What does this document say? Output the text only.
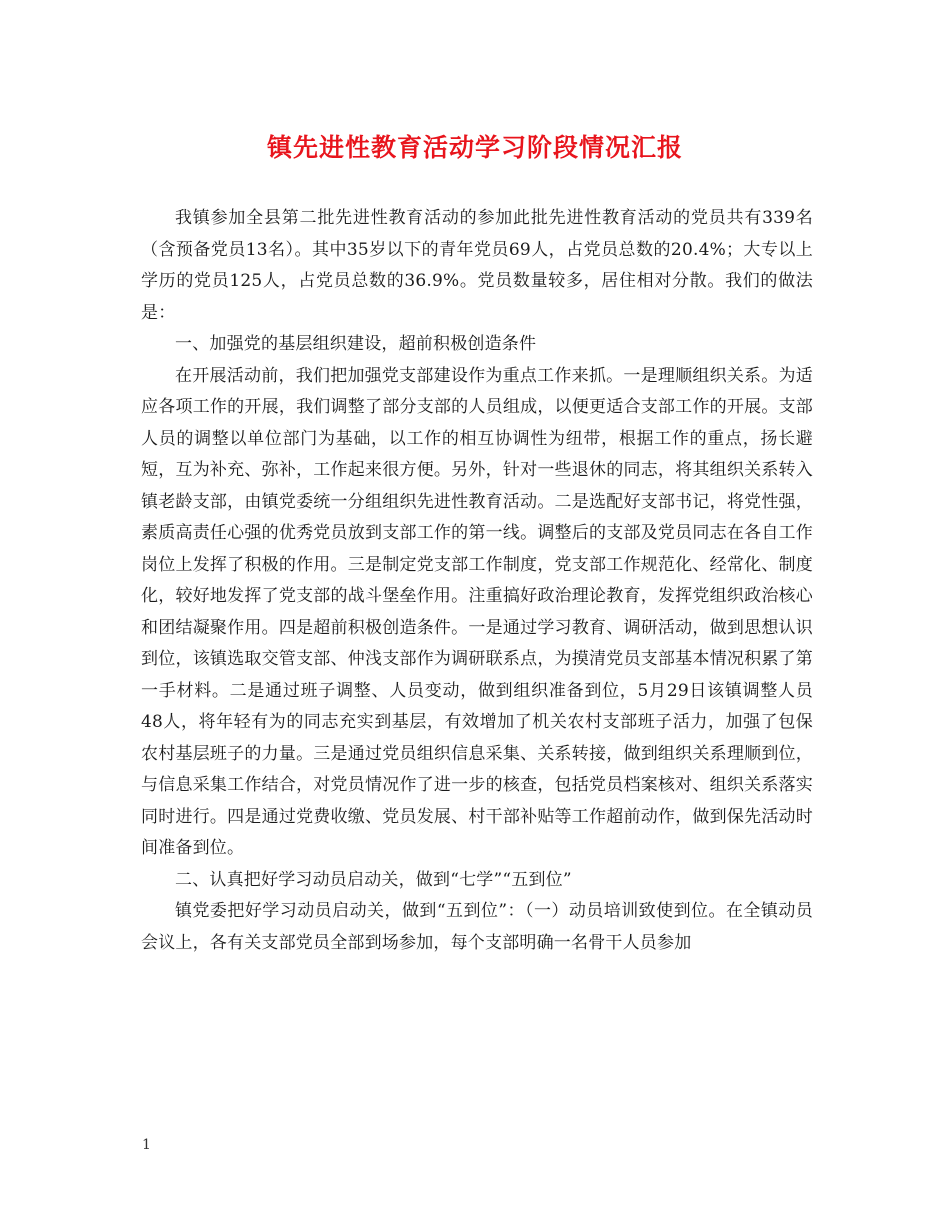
镇先进性教育活动学习阶段情况汇报

我镇参加全县第二批先进性教育活动的参加此批先进性教育活动的党员共有339名（含预备党员13名）。其中35岁以下的青年党员69人，占党员总数的20.4%；大专以上学历的党员125人，占党员总数的36.9%。党员数量较多，居住相对分散。我们的做法是：

一、加强党的基层组织建设，超前积极创造条件

在开展活动前，我们把加强党支部建设作为重点工作来抓。一是理顺组织关系。为适应各项工作的开展，我们调整了部分支部的人员组成，以便更适合支部工作的开展。支部人员的调整以单位部门为基础，以工作的相互协调性为纽带，根据工作的重点，扬长避短，互为补充、弥补，工作起来很方便。另外，针对一些退休的同志，将其组织关系转入镇老龄支部，由镇党委统一分组组织先进性教育活动。二是选配好支部书记，将党性强，素质高责任心强的优秀党员放到支部工作的第一线。调整后的支部及党员同志在各自工作岗位上发挥了积极的作用。三是制定党支部工作制度，党支部工作规范化、经常化、制度化，较好地发挥了党支部的战斗堡垒作用。注重搞好政治理论教育，发挥党组织政治核心和团结凝聚作用。四是超前积极创造条件。一是通过学习教育、调研活动，做到思想认识到位，该镇选取交管支部、仲浅支部作为调研联系点，为摸清党员支部基本情况积累了第一手材料。二是通过班子调整、人员变动，做到组织准备到位，5月29日该镇调整人员48人，将年轻有为的同志充实到基层，有效增加了机关农村支部班子活力，加强了包保农村基层班子的力量。三是通过党员组织信息采集、关系转接，做到组织关系理顺到位，与信息采集工作结合，对党员情况作了进一步的核查，包括党员档案核对、组织关系落实同时进行。四是通过党费收缴、党员发展、村干部补贴等工作超前动作，做到保先活动时间准备到位。

二、认真把好学习动员启动关，做到“七学”“五到位”

镇党委把好学习动员启动关，做到“五到位”：（一）动员培训致使到位。在全镇动员会议上，各有关支部党员全部到场参加，每个支部明确一名骨干人员参加

1
